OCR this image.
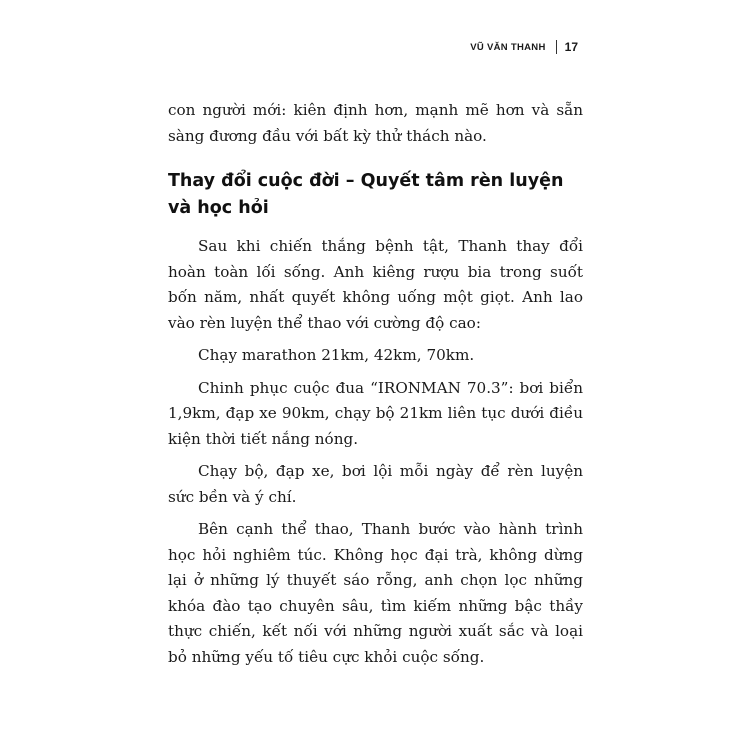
VŨ VĂN THANH 17

con người mới: kiên định hơn, mạnh mẽ hơn và sẵn sàng đương đầu với bất kỳ thử thách nào.

Thay đổi cuộc đời – Quyết tâm rèn luyện và học hỏi

Sau khi chiến thắng bệnh tật, Thanh thay đổi hoàn toàn lối sống. Anh kiêng rượu bia trong suốt bốn năm, nhất quyết không uống một giọt. Anh lao vào rèn luyện thể thao với cường độ cao:

Chạy marathon 21km, 42km, 70km.

Chinh phục cuộc đua “IRONMAN 70.3”: bơi biển 1,9km, đạp xe 90km, chạy bộ 21km liên tục dưới điều kiện thời tiết nắng nóng.

Chạy bộ, đạp xe, bơi lội mỗi ngày để rèn luyện sức bền và ý chí.

Bên cạnh thể thao, Thanh bước vào hành trình học hỏi nghiêm túc. Không học đại trà, không dừng lại ở những lý thuyết sáo rỗng, anh chọn lọc những khóa đào tạo chuyên sâu, tìm kiếm những bậc thầy thực chiến, kết nối với những người xuất sắc và loại bỏ những yếu tố tiêu cực khỏi cuộc sống.
